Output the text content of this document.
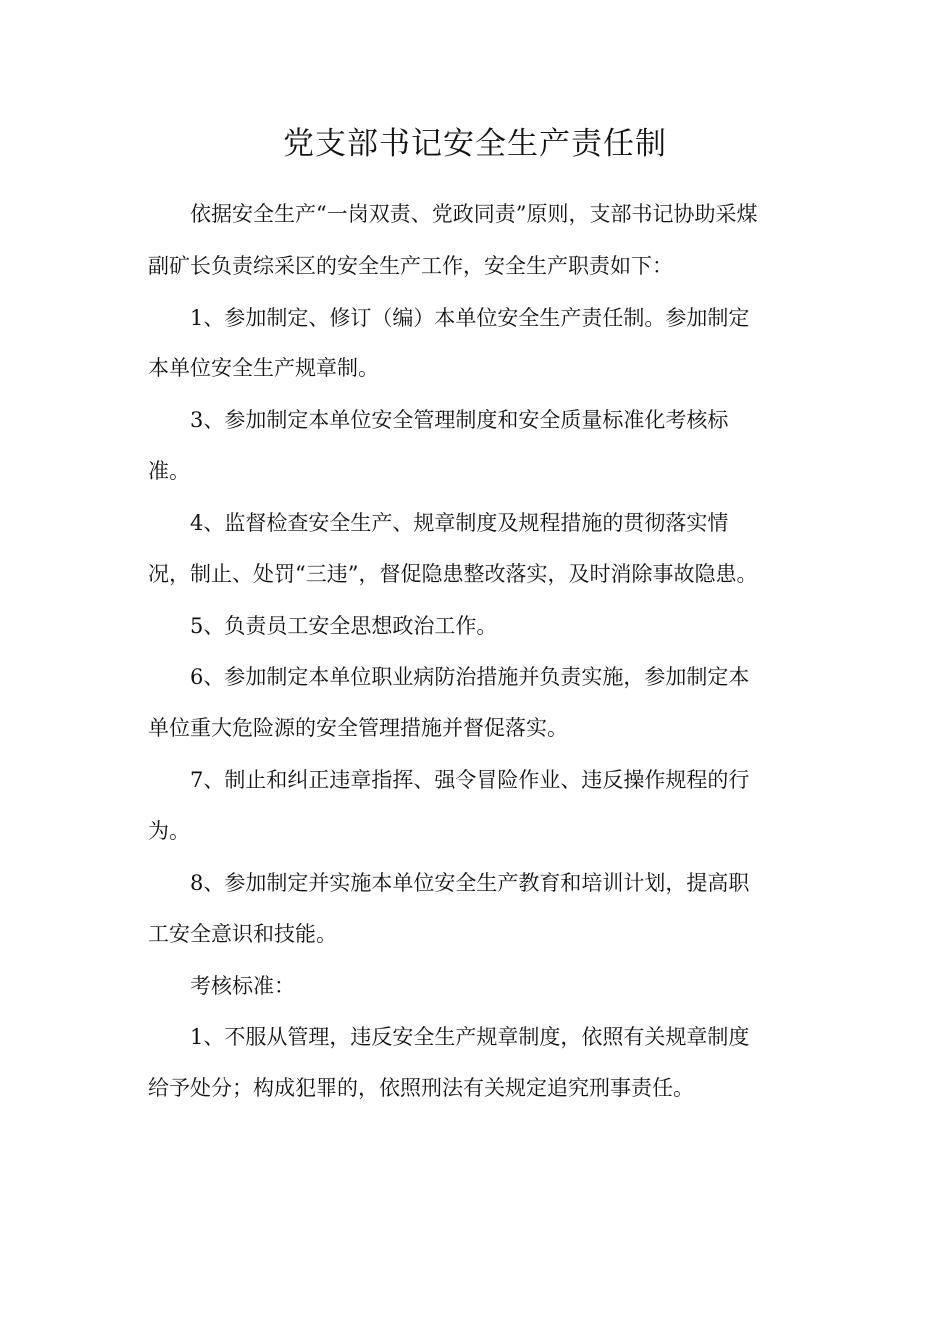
党支部书记安全生产责任制
依据安全生产“一岗双责、党政同责”原则，支部书记协助采煤
副矿长负责综采区的安全生产工作，安全生产职责如下：
1、参加制定、修订（编）本单位安全生产责任制。参加制定
本单位安全生产规章制。
3、参加制定本单位安全管理制度和安全质量标准化考核标
准。
4、监督检查安全生产、规章制度及规程措施的贯彻落实情
况，制止、处罚“三违”，督促隐患整改落实，及时消除事故隐患。
5、负责员工安全思想政治工作。
6、参加制定本单位职业病防治措施并负责实施，参加制定本
单位重大危险源的安全管理措施并督促落实。
7、制止和纠正违章指挥、强令冒险作业、违反操作规程的行
为。
8、参加制定并实施本单位安全生产教育和培训计划，提高职
工安全意识和技能。
考核标准：
1、不服从管理，违反安全生产规章制度，依照有关规章制度
给予处分；构成犯罪的，依照刑法有关规定追究刑事责任。
